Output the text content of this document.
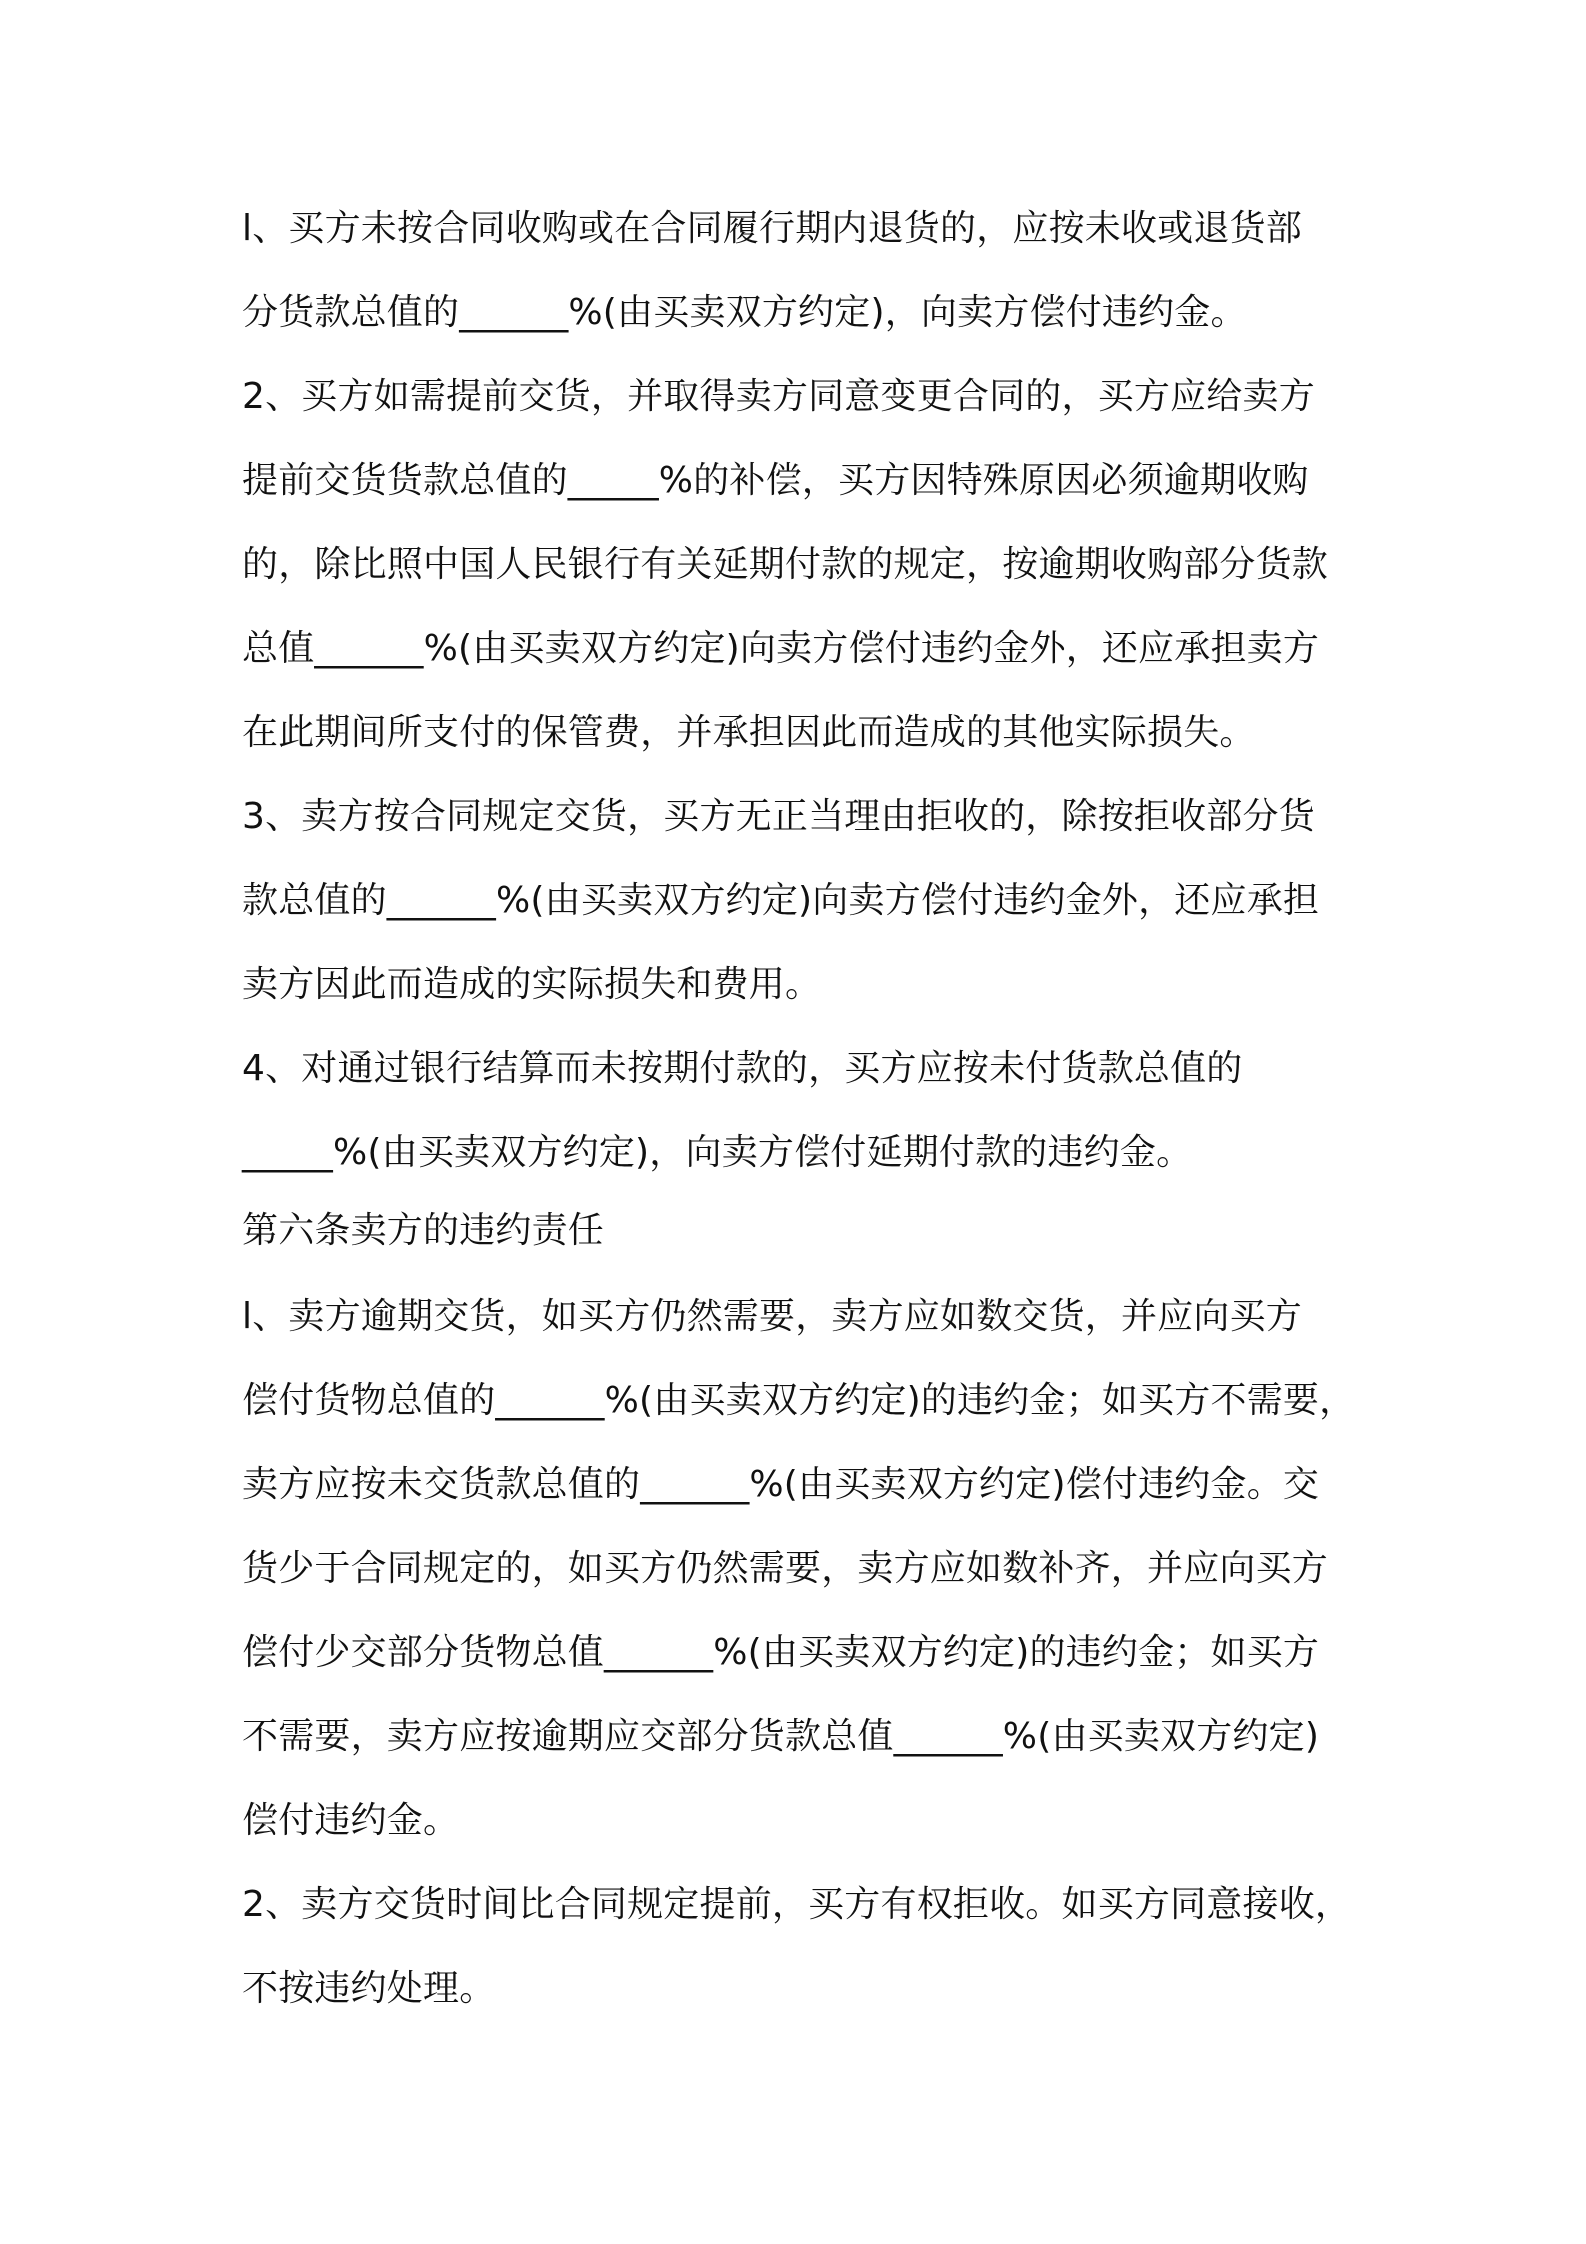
l、买方未按合同收购或在合同履行期内退货的，应按未收或退货部
分货款总值的______%(由买卖双方约定)，向卖方偿付违约金。
2、买方如需提前交货，并取得卖方同意变更合同的，买方应给卖方
提前交货货款总值的_____%的补偿，买方因特殊原因必须逾期收购
的，除比照中国人民银行有关延期付款的规定，按逾期收购部分货款
总值______%(由买卖双方约定)向卖方偿付违约金外，还应承担卖方
在此期间所支付的保管费，并承担因此而造成的其他实际损失。
3、卖方按合同规定交货，买方无正当理由拒收的，除按拒收部分货
款总值的______%(由买卖双方约定)向卖方偿付违约金外，还应承担
卖方因此而造成的实际损失和费用。
4、对通过银行结算而未按期付款的，买方应按未付货款总值的
_____%(由买卖双方约定)，向卖方偿付延期付款的违约金。
第六条卖方的违约责任
l、卖方逾期交货，如买方仍然需要，卖方应如数交货，并应向买方
偿付货物总值的______%(由买卖双方约定)的违约金；如买方不需要，
卖方应按未交货款总值的______%(由买卖双方约定)偿付违约金。交
货少于合同规定的，如买方仍然需要，卖方应如数补齐，并应向买方
偿付少交部分货物总值______%(由买卖双方约定)的违约金；如买方
不需要，卖方应按逾期应交部分货款总值______%(由买卖双方约定)
偿付违约金。
2、卖方交货时间比合同规定提前，买方有权拒收。如买方同意接收，
不按违约处理。
